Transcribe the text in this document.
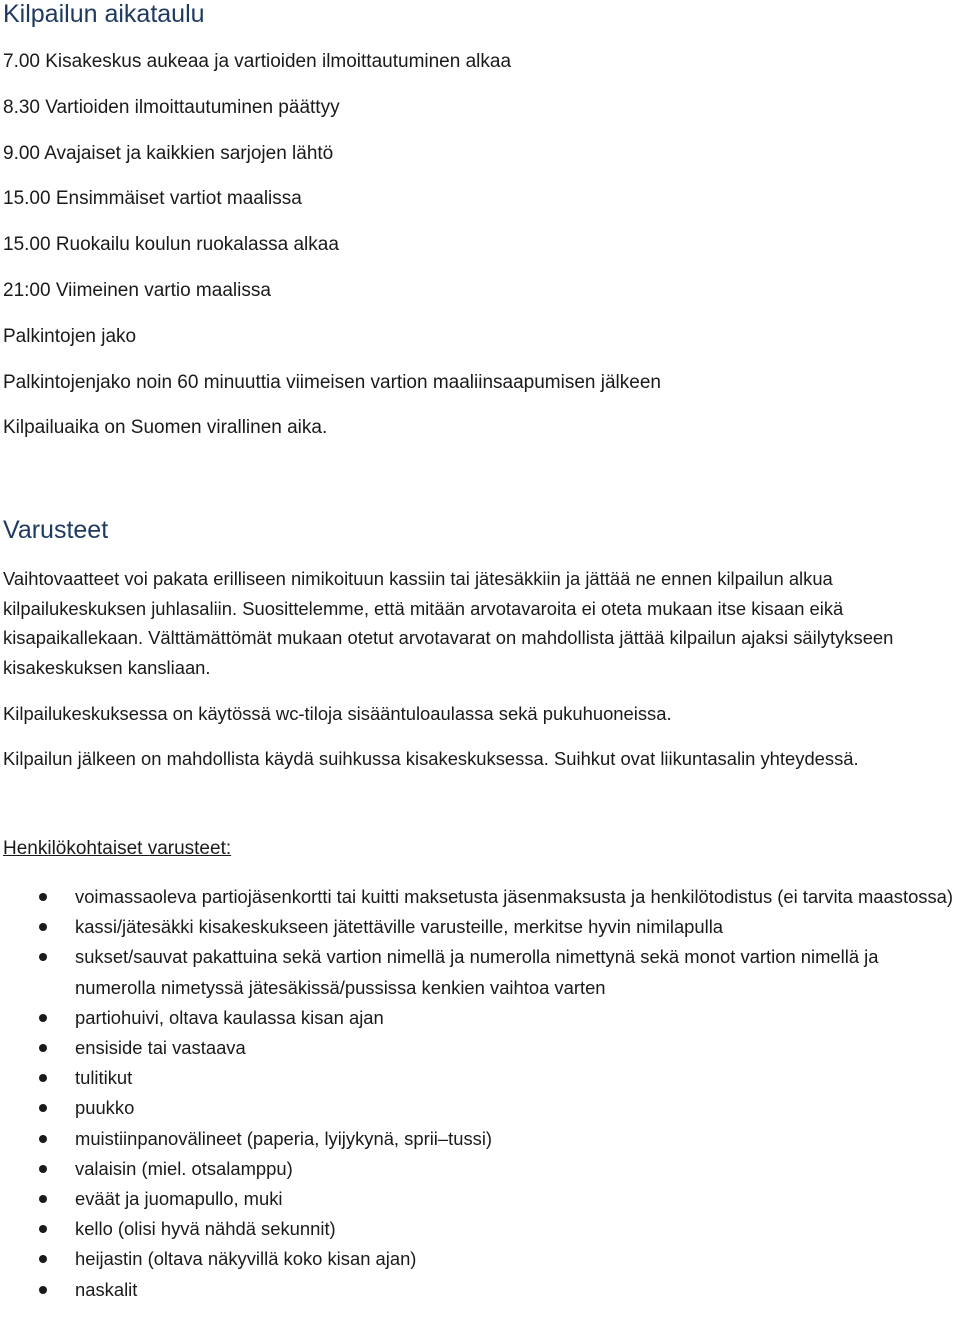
Kilpailun aikataulu
7.00 Kisakeskus aukeaa ja vartioiden ilmoittautuminen alkaa
8.30 Vartioiden ilmoittautuminen päättyy
9.00 Avajaiset ja kaikkien sarjojen lähtö
15.00 Ensimmäiset vartiot maalissa
15.00 Ruokailu koulun ruokalassa alkaa
21:00 Viimeinen vartio maalissa
Palkintojen jako
Palkintojenjako noin 60 minuuttia viimeisen vartion maaliinsaapumisen jälkeen
Kilpailuaika on Suomen virallinen aika.
Varusteet

Vaihtovaatteet voi pakata erilliseen nimikoituun kassiin tai jätesäkkiin ja jättää ne ennen kilpailun alkua kilpailukeskuksen juhlasaliin. Suosittelemme, että mitään arvotavaroita ei oteta mukaan itse kisaan eikä kisapaikallekaan. Välttämättömät mukaan otetut arvotavarat on mahdollista jättää kilpailun ajaksi säilytykseen kisakeskuksen kansliaan.

Kilpailukeskuksessa on käytössä wc-tiloja sisääntuloaulassa sekä pukuhuoneissa.

Kilpailun jälkeen on mahdollista käydä suihkussa kisakeskuksessa. Suihkut ovat liikuntasalin yhteydessä.

Henkilökohtaiset varusteet:
voimassaoleva partiojäsenkortti tai kuitti maksetusta jäsenmaksusta ja henkilötodistus (ei tarvita maastossa)
kassi/jätesäkki kisakeskukseen jätettäville varusteille, merkitse hyvin nimilapulla
sukset/sauvat pakattuina sekä vartion nimellä ja numerolla nimettynä sekä monot vartion nimellä ja numerolla nimetyssä jätesäkissä/pussissa kenkien vaihtoa varten
partiohuivi, oltava kaulassa kisan ajan
ensiside tai vastaava
tulitikut
puukko
muistiinpanovälineet (paperia, lyijykynä, sprii–tussi)
valaisin (miel. otsalamppu)
eväät ja juomapullo, muki
kello (olisi hyvä nähdä sekunnit)
heijastin (oltava näkyvillä koko kisan ajan)
naskalit
